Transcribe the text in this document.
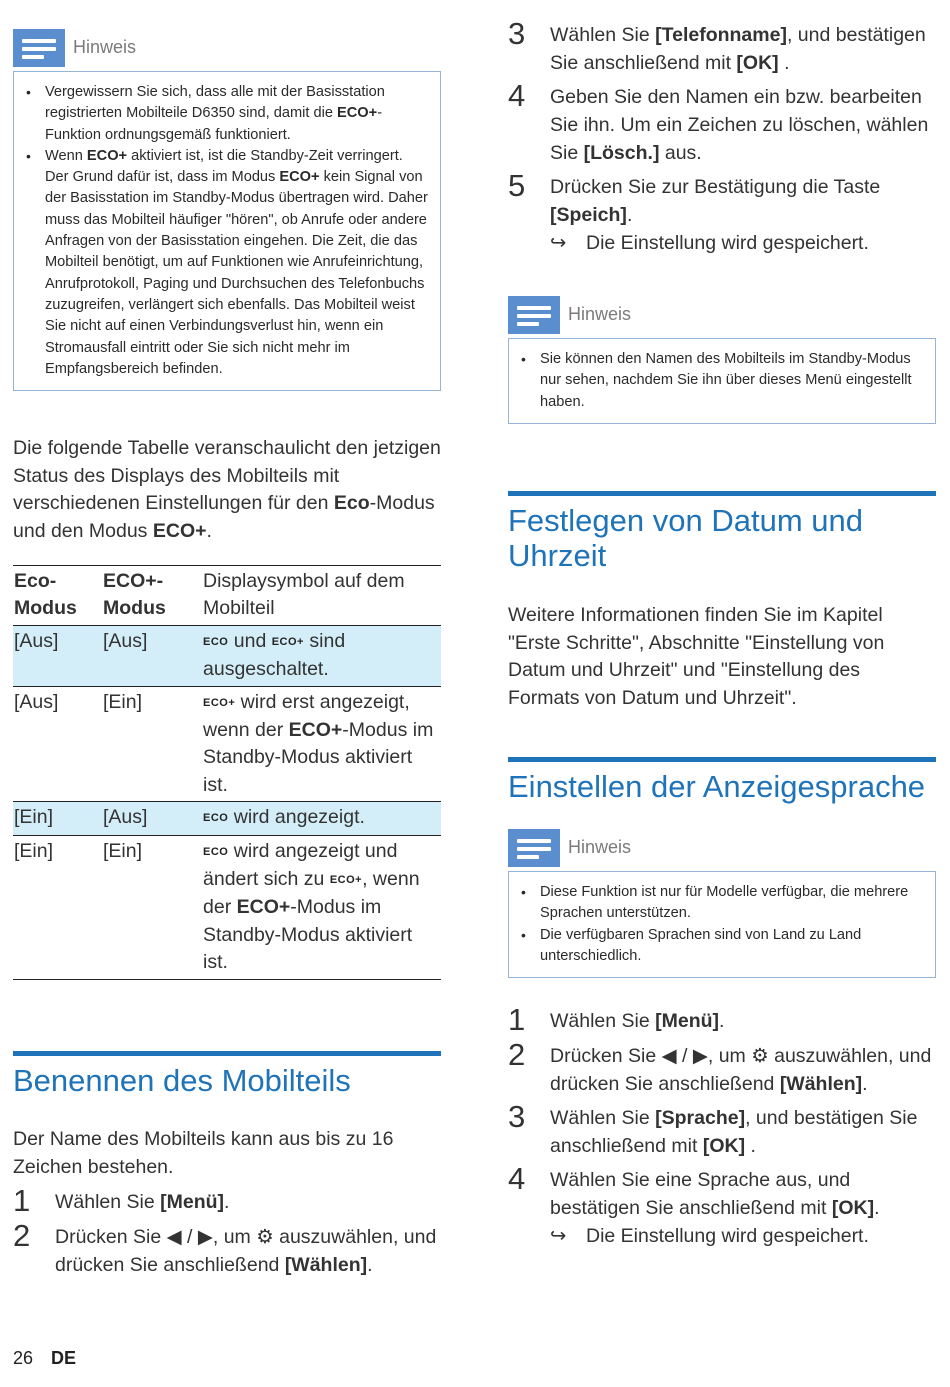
Hinweis
• Vergewissern Sie sich, dass alle mit der Basisstation registrierten Mobilteile D6350 sind, damit die ECO+-Funktion ordnungsgemäß funktioniert.
• Wenn ECO+ aktiviert ist, ist die Standby-Zeit verringert. Der Grund dafür ist, dass im Modus ECO+ kein Signal von der Basisstation im Standby-Modus übertragen wird. Daher muss das Mobilteil häufiger "hören", ob Anrufe oder andere Anfragen von der Basisstation eingehen. Die Zeit, die das Mobilteil benötigt, um auf Funktionen wie Anrufeinrichtung, Anrufprotokoll, Paging und Durchsuchen des Telefonbuchs zuzugreifen, verlängert sich ebenfalls. Das Mobilteil weist Sie nicht auf einen Verbindungsverlust hin, wenn ein Stromausfall eintritt oder Sie sich nicht mehr im Empfangsbereich befinden.

Die folgende Tabelle veranschaulicht den jetzigen Status des Displays des Mobilteils mit verschiedenen Einstellungen für den Eco-Modus und den Modus ECO+.

Eco-Modus	ECO+-Modus	Displaysymbol auf dem Mobilteil
[Aus]	[Aus]	ECO und ECO+ sind ausgeschaltet.
[Aus]	[Ein]	ECO+ wird erst angezeigt, wenn der ECO+-Modus im Standby-Modus aktiviert ist.
[Ein]	[Aus]	ECO wird angezeigt.
[Ein]	[Ein]	ECO wird angezeigt und ändert sich zu ECO+, wenn der ECO+-Modus im Standby-Modus aktiviert ist.
Benennen des Mobilteils

Der Name des Mobilteils kann aus bis zu 16 Zeichen bestehen.

1 Wählen Sie [Menü].
2 Drücken Sie ◀ / ▶, um ⚙ auszuwählen, und drücken Sie anschließend [Wählen].
3 Wählen Sie [Telefonname], und bestätigen Sie anschließend mit [OK] .
4 Geben Sie den Namen ein bzw. bearbeiten Sie ihn. Um ein Zeichen zu löschen, wählen Sie [Lösch.] aus.
5 Drücken Sie zur Bestätigung die Taste [Speich].
↪ Die Einstellung wird gespeichert.
Hinweis
• Sie können den Namen des Mobilteils im Standby-Modus nur sehen, nachdem Sie ihn über dieses Menü eingestellt haben.
Festlegen von Datum und Uhrzeit

Weitere Informationen finden Sie im Kapitel "Erste Schritte", Abschnitte "Einstellung von Datum und Uhrzeit" und "Einstellung des Formats von Datum und Uhrzeit".

Einstellen der Anzeigesprache
Hinweis
• Diese Funktion ist nur für Modelle verfügbar, die mehrere Sprachen unterstützen.
• Die verfügbaren Sprachen sind von Land zu Land unterschiedlich.
1 Wählen Sie [Menü].
2 Drücken Sie ◀ / ▶, um ⚙ auszuwählen, und drücken Sie anschließend [Wählen].
3 Wählen Sie [Sprache], und bestätigen Sie anschließend mit [OK] .
4 Wählen Sie eine Sprache aus, und bestätigen Sie anschließend mit [OK].
↪ Die Einstellung wird gespeichert.
26 DE
